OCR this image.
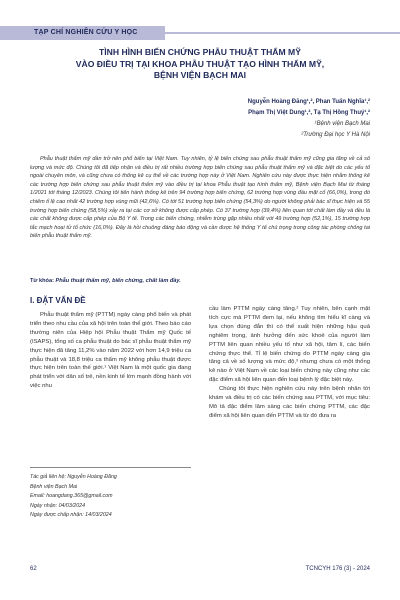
TẠP CHÍ NGHIÊN CỨU Y HỌC
TÌNH HÌNH BIẾN CHỨNG PHẪU THUẬT THẨM MỸ
VÀO ĐIỀU TRỊ TẠI KHOA PHẪU THUẬT TẠO HÌNH THẨM MỸ,
BỆNH VIỆN BẠCH MAI
Nguyễn Hoàng Đăng¹,², Phan Tuấn Nghĩa¹,²
Phạm Thị Việt Dung¹,², Tạ Thị Hồng Thuý¹,²
¹Bệnh viện Bạch Mai
²Trường Đại học Y Hà Nội

Phẫu thuật thẩm mỹ dần trở nên phổ biến tại Việt Nam. Tuy nhiên, tỷ lệ biến chứng sau phẫu thuật thẩm mỹ cũng gia tăng về cả số lượng và mức độ. Chúng tôi đã tiếp nhận và điều trị rất nhiều trường hợp biến chứng sau phẫu thuật thẩm mỹ và đặc biệt do các yếu tố ngoài chuyên môn, và cũng chưa có thống kê cụ thể về các trường hợp này ở Việt Nam. Nghiên cứu này được thực hiện nhằm thống kê các trường hợp biến chứng sau phẫu thuật thẩm mỹ vào điều trị tại khoa Phẫu thuật tạo hình thẩm mỹ, Bệnh viện Bạch Mai từ tháng 1/2021 tới tháng 12/2023. Chúng tôi tiến hành thống kê trên 94 trường hợp biến chứng, 62 trường hợp vùng đầu mặt cổ (66,0%), trong đó chiếm tỉ lệ cao nhất 42 trường hợp vùng mũi (42,6%). Có tới 51 trường hợp biến chứng (54,3%) do người không phải bác sĩ thực hiện và 55 trường hợp biến chứng (58,5%) xảy ra tại các cơ sở không được cấp phép. Có 37 trường hợp (39,4%) liên quan tới chất làm đầy và đều là các chất không được cấp phép của Bộ Y tế. Trong các biến chứng, nhiễm trùng gặp nhiều nhất với 49 trường hợp (52,1%), 15 trường hợp tắc mạch hoại tử tổ chức (16,0%). Đây là hồi chuông đáng báo động và cần được hệ thống Y tế chú trọng trong công tác phòng chống tai biến phẫu thuật thẩm mỹ.

Từ khóa: Phẫu thuật thẩm mỹ, biến chứng, chất làm đầy.
I. ĐẶT VẤN ĐỀ

Phẫu thuật thẩm mỹ (PTTM) ngày càng phổ biến và phát triển theo nhu cầu của xã hội trên toàn thế giới. Theo báo cáo thường niên của Hiệp hội Phẫu thuật Thẩm mỹ Quốc tế (ISAPS), tổng số ca phẫu thuật do bác sĩ phẫu thuật thẩm mỹ thực hiện đã tăng 11,2% vào năm 2022 với hơn 14,9 triệu ca phẫu thuật và 18,8 triệu ca thẩm mỹ không phẫu thuật được thực hiện trên toàn thế giới.¹ Việt Nam là một quốc gia đang phát triển với dân số trẻ, nền kinh tế lớn mạnh đồng hành với việc nhu

cầu làm PTTM ngày càng tăng.² Tuy nhiên, bên cạnh mặt tích cực mà PTTM đem lại, nếu không tìm hiểu kĩ càng và lựa chọn đúng đắn thì có thể xuất hiện những hậu quả nghiêm trọng, ảnh hưởng đến sức khoẻ của người làm PTTM liên quan nhiều yếu tố như xã hội, tâm lí, các biến chứng thực thể. Tỉ lệ biến chứng do PTTM ngày càng gia tăng cả về số lượng và mức độ,³ nhưng chưa có một thống kê nào ở Việt Nam về các loại biến chứng này cũng như các đặc điểm xã hội liên quan đến loại bệnh lý đặc biệt này.

Chúng tôi thực hiện nghiên cứu này trên bệnh nhân tới khám và điều trị có các biến chứng sau PTTM, với mục tiêu: Mô tả đặc điểm lâm sàng các biến chứng PTTM, các đặc điểm xã hội liên quan đến PTTM và từ đó đưa ra

Tác giả liên hệ: Nguyễn Hoàng Đăng
Bệnh viện Bạch Mai
Email: hoangdang.365@gmail.com
Ngày nhận: 04/03/2024
Ngày được chấp nhận: 14/03/2024
62	TCNCYH 176 (3) - 2024
